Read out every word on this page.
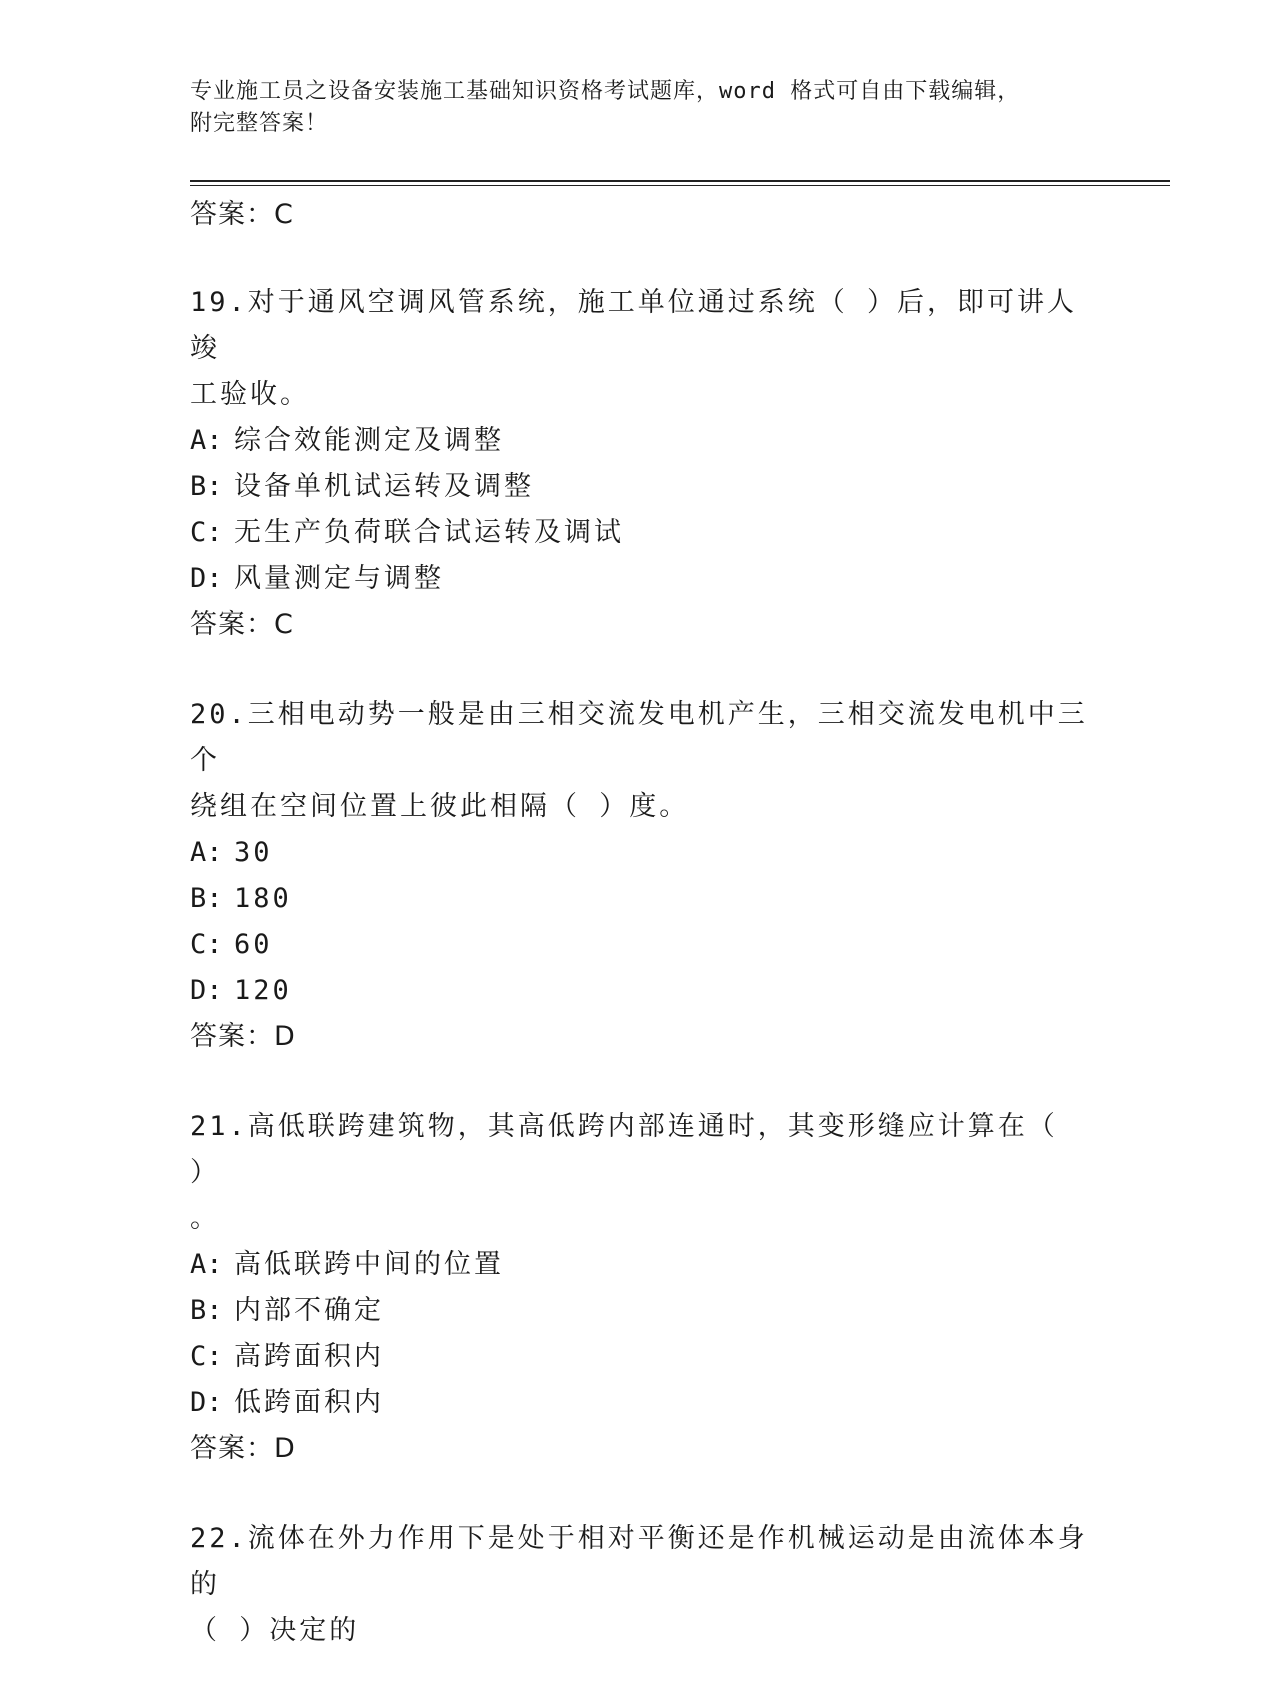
专业施工员之设备安装施工基础知识资格考试题库，word 格式可自由下载编辑，
附完整答案！
答案：C
19.对于通风空调风管系统，施工单位通过系统（ ）后，即可讲人竣
工验收。
A: 综合效能测定及调整
B: 设备单机试运转及调整
C: 无生产负荷联合试运转及调试
D: 风量测定与调整
答案：C
20.三相电动势一般是由三相交流发电机产生，三相交流发电机中三个
绕组在空间位置上彼此相隔（ ）度。
A: 30
B: 180
C: 60
D: 120
答案：D
21.高低联跨建筑物，其高低跨内部连通时，其变形缝应计算在（ ）
。
A: 高低联跨中间的位置
B: 内部不确定
C: 高跨面积内
D: 低跨面积内
答案：D
22.流体在外力作用下是处于相对平衡还是作机械运动是由流体本身的
（ ）决定的
